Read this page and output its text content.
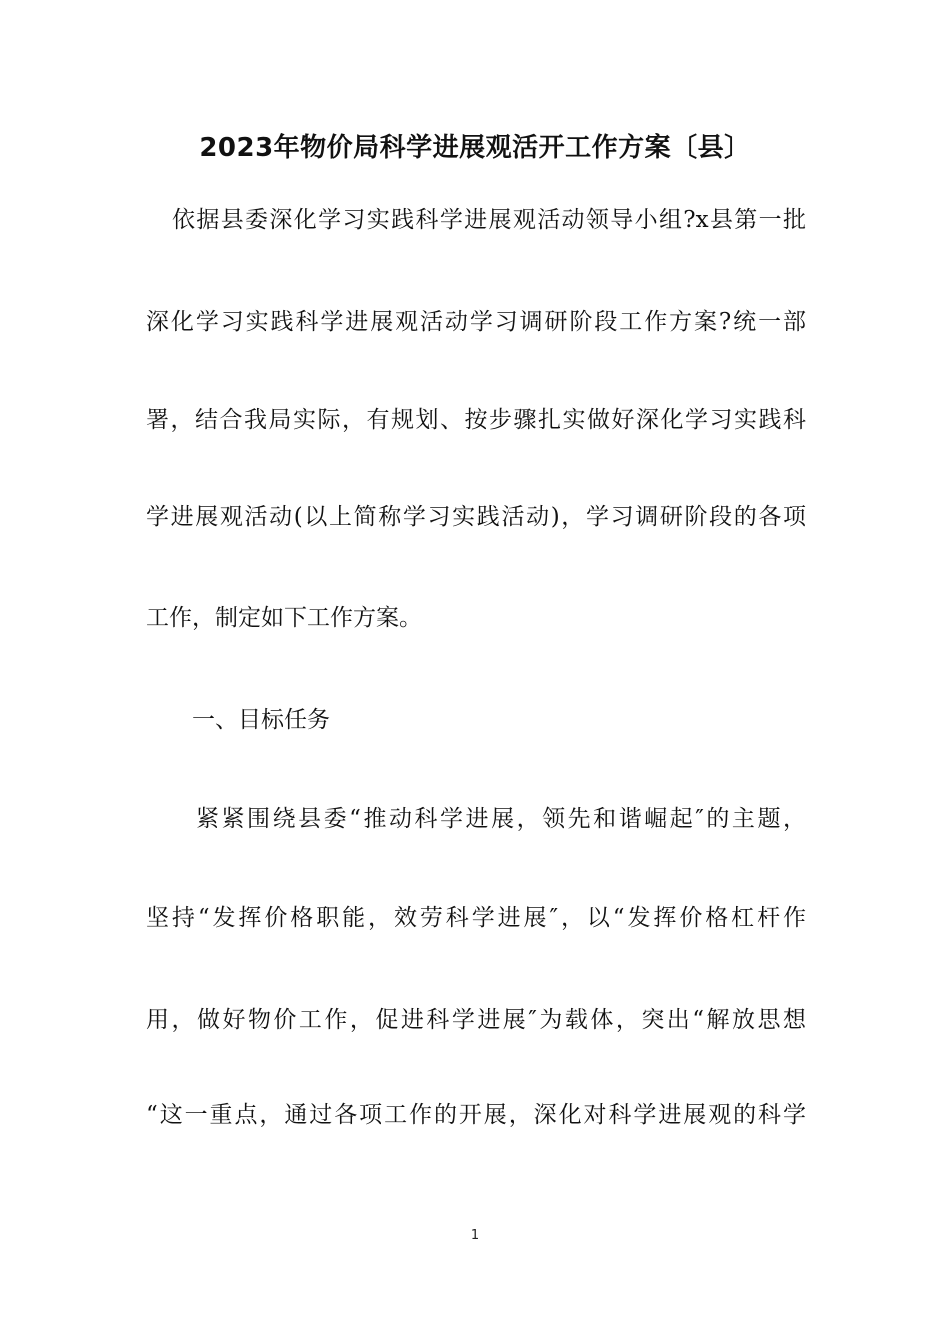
2023年物价局科学进展观活开工作方案〔县〕
依据县委深化学习实践科学进展观活动领导小组?x县第一批
深化学习实践科学进展观活动学习调研阶段工作方案?统一部
署，结合我局实际，有规划、按步骤扎实做好深化学习实践科
学进展观活动(以上简称学习实践活动)，学习调研阶段的各项
工作，制定如下工作方案。
一、目标任务
紧紧围绕县委“推动科学进展，领先和谐崛起″的主题，
坚持“发挥价格职能，效劳科学进展″，以“发挥价格杠杆作
用，做好物价工作，促进科学进展″为载体，突出“解放思想
“这一重点，通过各项工作的开展，深化对科学进展观的科学
1
